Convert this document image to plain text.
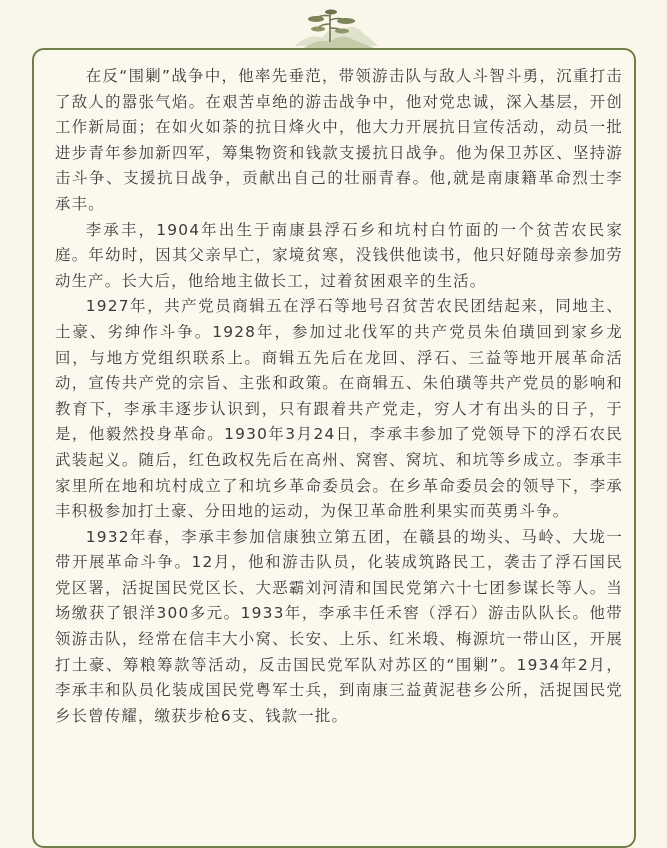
在反“围剿”战争中，他率先垂范，带领游击队与敌人斗智斗勇，沉重打击了敌人的嚣张气焰。在艰苦卓绝的游击战争中，他对党忠诚，深入基层，开创工作新局面；在如火如荼的抗日烽火中，他大力开展抗日宣传活动，动员一批进步青年参加新四军，筹集物资和钱款支援抗日战争。他为保卫苏区、坚持游击斗争、支援抗日战争，贡献出自己的壮丽青春。他,就是南康籍革命烈士李承丰。

李承丰，1904年出生于南康县浮石乡和坑村白竹面的一个贫苦农民家庭。年幼时，因其父亲早亡，家境贫寒，没钱供他读书，他只好随母亲参加劳动生产。长大后，他给地主做长工，过着贫困艰辛的生活。

1927年，共产党员商辑五在浮石等地号召贫苦农民团结起来，同地主、土豪、劣绅作斗争。1928年，参加过北伐军的共产党员朱伯璜回到家乡龙回，与地方党组织联系上。商辑五先后在龙回、浮石、三益等地开展革命活动，宣传共产党的宗旨、主张和政策。在商辑五、朱伯璜等共产党员的影响和教育下，李承丰逐步认识到，只有跟着共产党走，穷人才有出头的日子，于是，他毅然投身革命。1930年3月24日，李承丰参加了党领导下的浮石农民武装起义。随后，红色政权先后在高州、窝窖、窝坑、和坑等乡成立。李承丰家里所在地和坑村成立了和坑乡革命委员会。在乡革命委员会的领导下，李承丰积极参加打土豪、分田地的运动，为保卫革命胜利果实而英勇斗争。

1932年春，李承丰参加信康独立第五团，在赣县的坳头、马岭、大垅一带开展革命斗争。12月，他和游击队员，化装成筑路民工，袭击了浮石国民党区署，活捉国民党区长、大恶霸刘河清和国民党第六十七团参谋长等人。当场缴获了银洋300多元。1933年，李承丰任禾窖（浮石）游击队队长。他带领游击队，经常在信丰大小窝、长安、上乐、红米塅、梅源坑一带山区，开展打土豪、筹粮筹款等活动，反击国民党军队对苏区的“围剿”。1934年2月，李承丰和队员化装成国民党粤军士兵，到南康三益黄泥巷乡公所，活捉国民党乡长曾传耀，缴获步枪6支、钱款一批。
